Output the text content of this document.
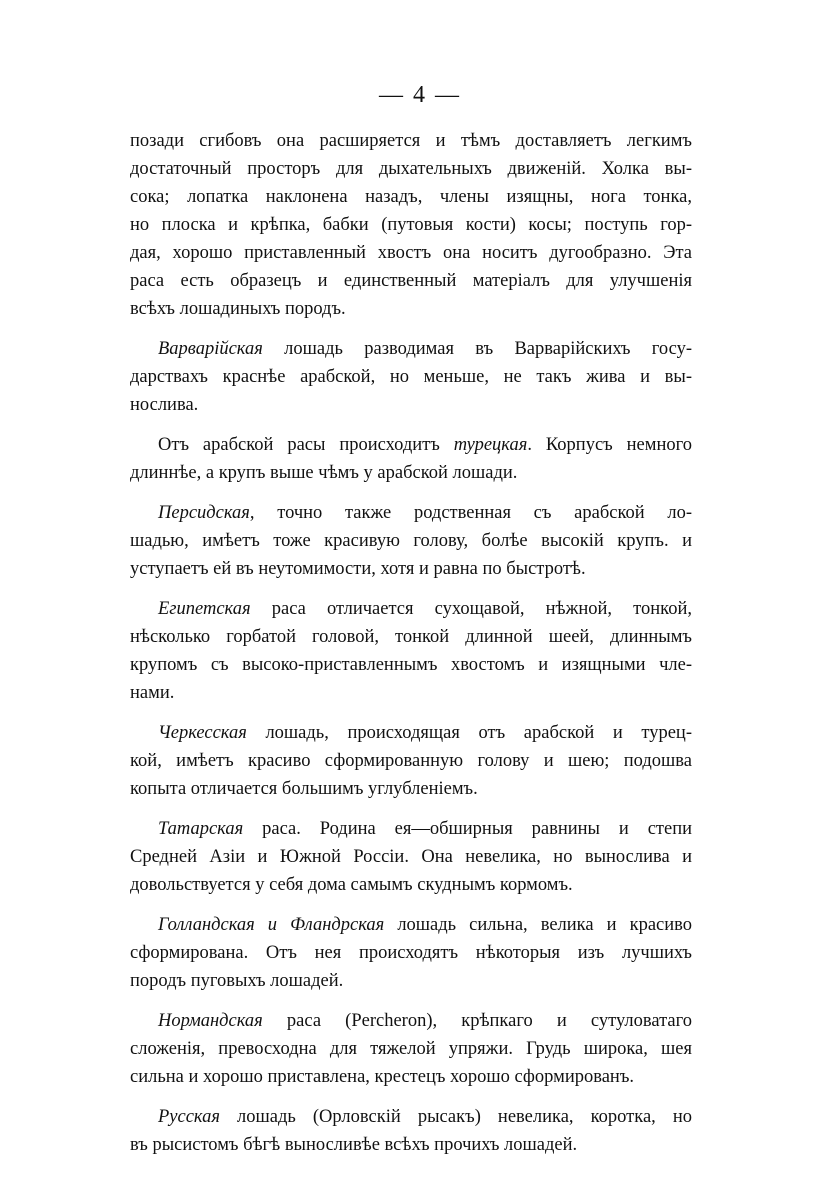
— 4 —
позади сгибовъ она расширяется и тѣмъ доставляетъ легкимъ
достаточный просторъ для дыхательныхъ движеній. Холка вы-
сока; лопатка наклонена назадъ, члены изящны, нога тонка,
но плоска и крѣпка, бабки (путовыя кости) косы; поступь гор-
дая, хорошо приставленный хвостъ она носитъ дугообразно. Эта
раса есть образецъ и единственный матеріалъ для улучшенія
всѣхъ лошадиныхъ породъ.
Варварійская лошадь разводимая въ Варварійскихъ госу-
дарствахъ краснѣе арабской, но меньше, не такъ жива и вы-
нослива.
Отъ арабской расы происходитъ турецкая. Корпусъ немного
длиннѣе, а крупъ выше чѣмъ у арабской лошади.
Персидская, точно также родственная съ арабской ло-
шадью, имѣетъ тоже красивую голову, болѣе высокій крупъ. и
уступаетъ ей въ неутомимости, хотя и равна по быстротѣ.
Египетская раса отличается сухощавой, нѣжной, тонкой,
нѣсколько горбатой головой, тонкой длинной шеей, длиннымъ
крупомъ съ высоко-приставленнымъ хвостомъ и изящными чле-
нами.
Черкесская лошадь, происходящая отъ арабской и турец-
кой, имѣетъ красиво сформированную голову и шею; подошва
копыта отличается большимъ углубленіемъ.
Татарская раса. Родина ея—обширныя равнины и степи
Средней Азіи и Южной Россіи. Она невелика, но вынослива и
довольствуется у себя дома самымъ скуднымъ кормомъ.
Голландская и Фландрская лошадь сильна, велика и красиво
сформирована. Отъ нея происходятъ нѣкоторыя изъ лучшихъ
породъ пуговыхъ лошадей.
Нормандская раса (Percheron), крѣпкаго и сутуловатаго
сложенія, превосходна для тяжелой упряжи. Грудь широка, шея
сильна и хорошо приставлена, крестецъ хорошо сформированъ.
Русская лошадь (Орловскій рысакъ) невелика, коротка, но
въ рысистомъ бѣгѣ выносливѣе всѣхъ прочихъ лошадей.
